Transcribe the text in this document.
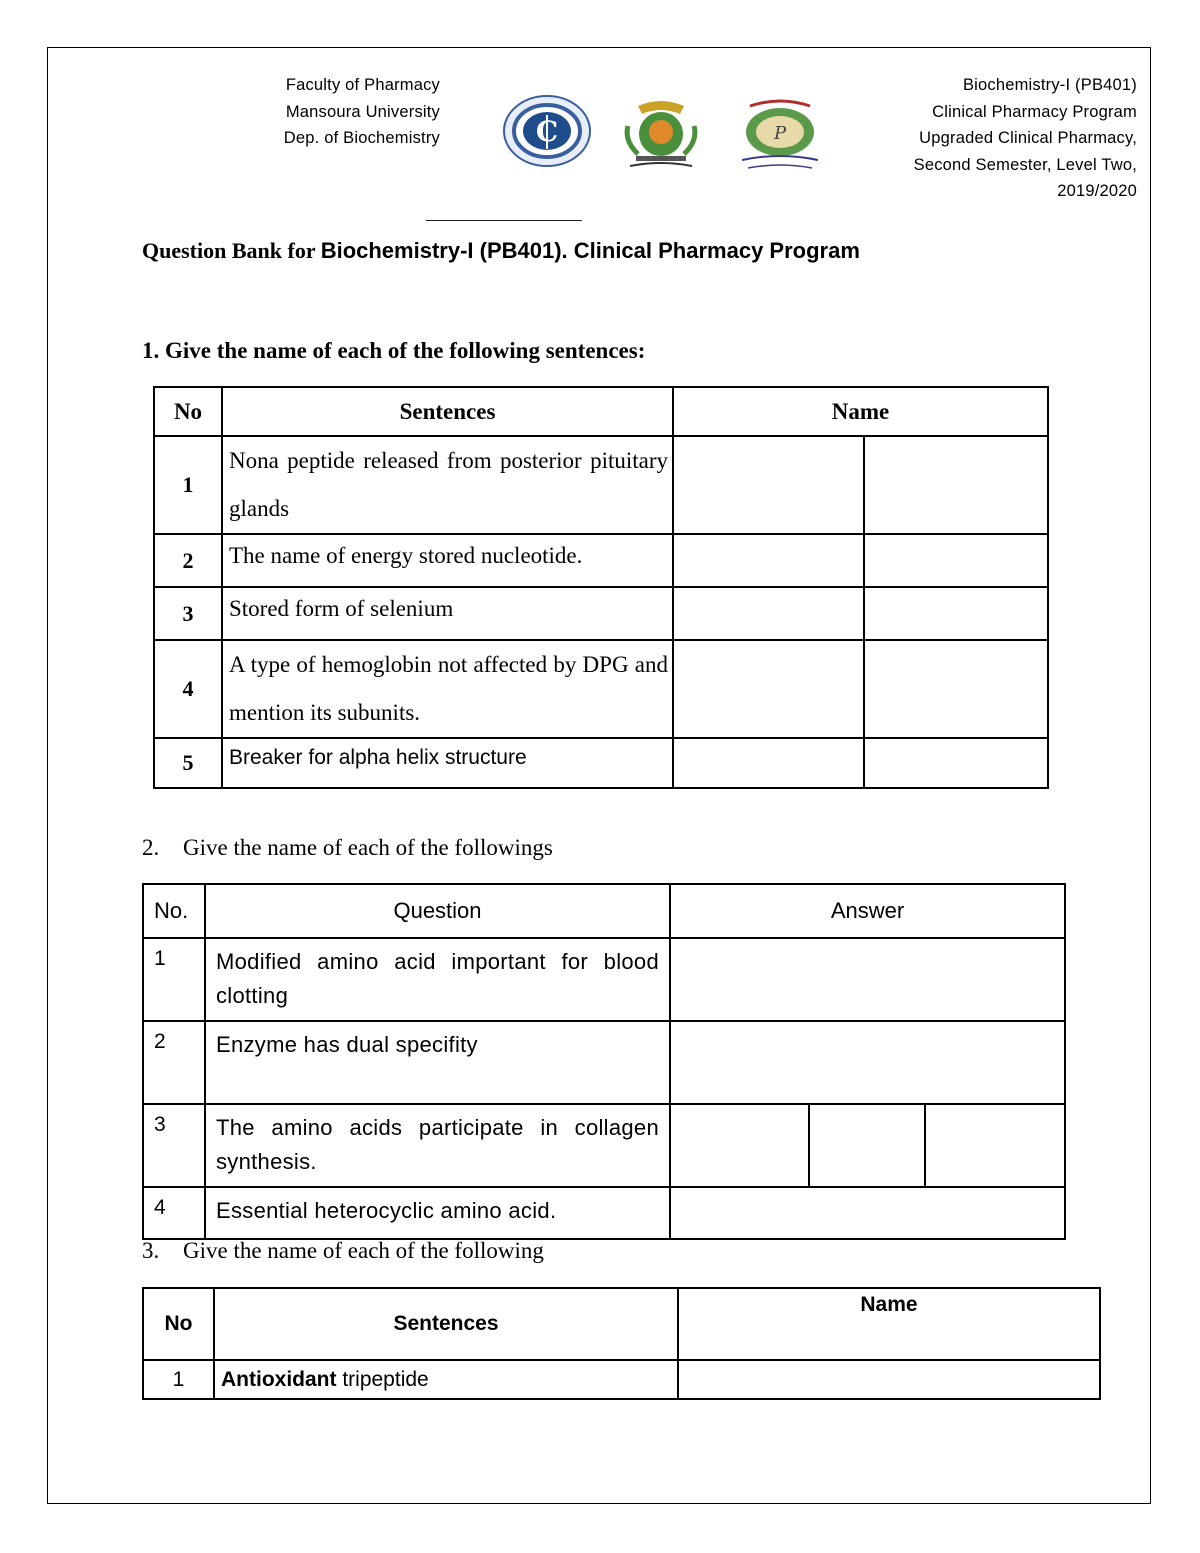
Faculty of Pharmacy
Mansoura University
Dep. of Biochemistry	C	P
Biochemistry-I (PB401)
Clinical Pharmacy Program
Upgraded Clinical Pharmacy,
Second Semester, Level Two,
2019/2020
____________________
Question Bank for Biochemistry-I (PB401). Clinical Pharmacy Program
1. Give the name of each of the following sentences:
No	Sentences	Name	
1	Nona peptide released from posterior pituitary glands		
2	The name of energy stored nucleotide.		
3	Stored form of selenium		
4	A type of hemoglobin not affected by DPG and mention its subunits.		
5	Breaker for alpha helix structure		
2. Give the name of each of the followings
No.	Question	Answer		
1	Modified amino acid important for blood clotting			
2	Enzyme has dual specifity			
3	The amino acids participate in collagen synthesis.			
4	Essential heterocyclic amino acid.			
3. Give the name of each of the following
No	Sentences	Name
1	Antioxidant tripeptide	
